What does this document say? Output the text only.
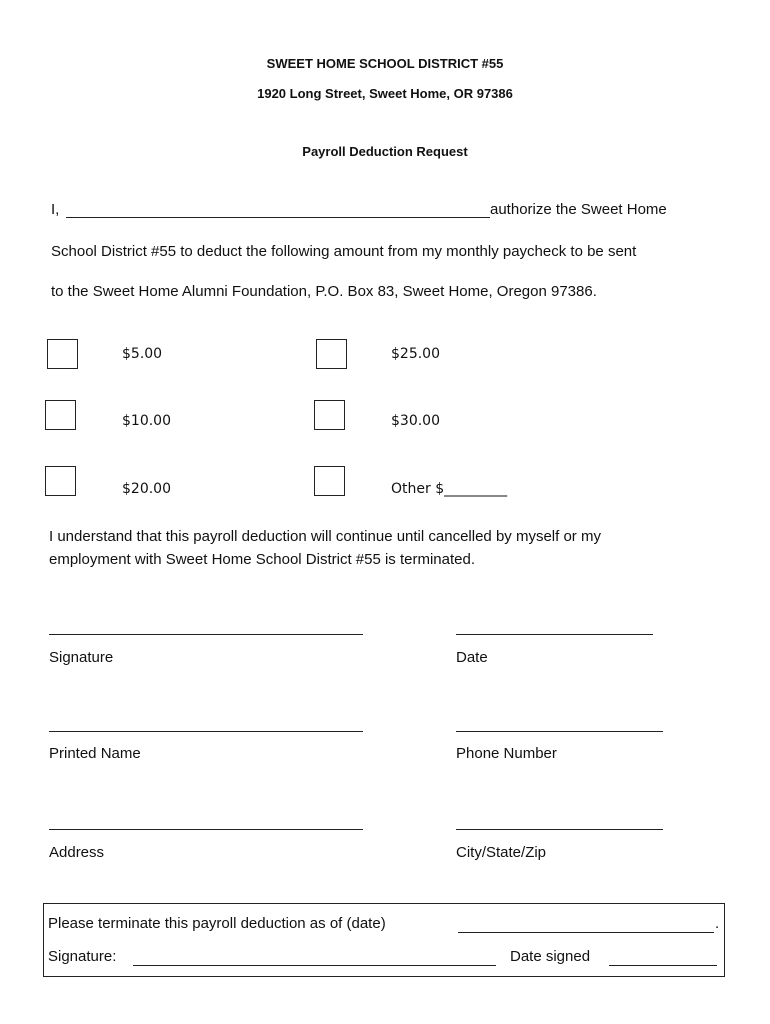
SWEET HOME SCHOOL DISTRICT #55
1920 Long Street, Sweet Home, OR 97386
Payroll Deduction Request
I,	authorize the Sweet Home
School District #55 to deduct the following amount from my monthly paycheck to be sent
to the Sweet Home Alumni Foundation, P.O. Box 83, Sweet Home, Oregon 97386.
$5.00	$25.00
$10.00	$30.00
$20.00	Other $_________
I understand that this payroll deduction will continue until cancelled by myself or my
employment with Sweet Home School District #55 is terminated.
Signature	Date
Printed Name	Phone Number
Address	City/State/Zip
Please terminate this payroll deduction as of (date)	.
Signature:	Date signed
